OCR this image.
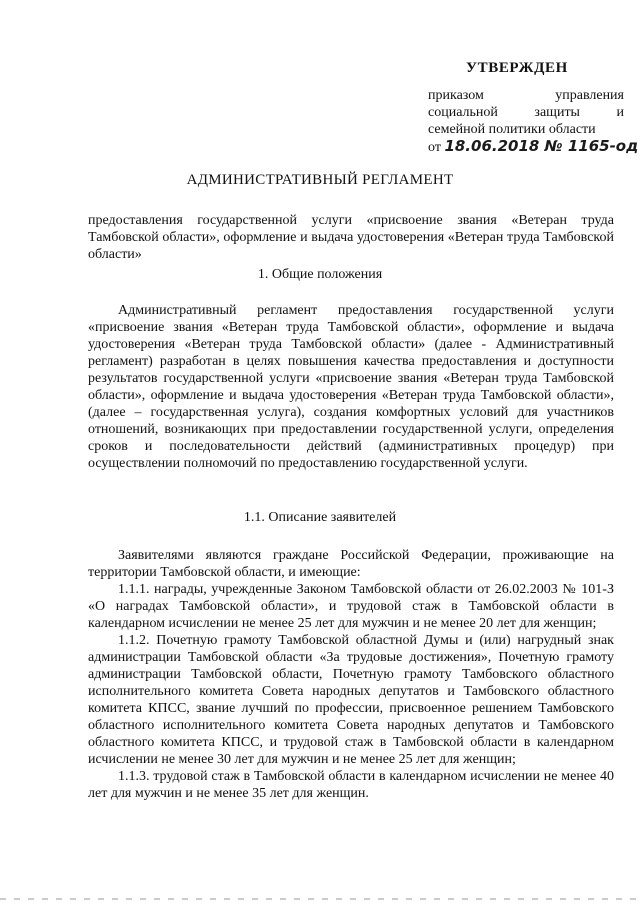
УТВЕРЖДЕН
приказом управления
социальной защиты и
семейной политики области
от 18.06.2018 № 1165-од
АДМИНИСТРАТИВНЫЙ РЕГЛАМЕНТ

предоставления государственной услуги «присвоение звания «Ветеран труда Тамбовской области», оформление и выдача удостоверения «Ветеран труда Тамбовской области»

1. Общие положения

Административный регламент предоставления государственной услуги «присвоение звания «Ветеран труда Тамбовской области», оформление и выдача удостоверения «Ветеран труда Тамбовской области» (далее - Административный регламент) разработан в целях повышения качества предоставления и доступности результатов государственной услуги «присвоение звания «Ветеран труда Тамбовской области», оформление и выдача удостоверения «Ветеран труда Тамбовской области», (далее – государственная услуга), создания комфортных условий для участников отношений, возникающих при предоставлении государственной услуги, определения сроков и последовательности действий (административных процедур) при осуществлении полномочий по предоставлению государственной услуги.

1.1. Описание заявителей

Заявителями являются граждане Российской Федерации, проживающие на территории Тамбовской области, и имеющие:

1.1.1. награды, учрежденные Законом Тамбовской области от 26.02.2003 № 101-З «О наградах Тамбовской области», и трудовой стаж в Тамбовской области в календарном исчислении не менее 25 лет для мужчин и не менее 20 лет для женщин;

1.1.2. Почетную грамоту Тамбовской областной Думы и (или) нагрудный знак администрации Тамбовской области «За трудовые достижения», Почетную грамоту администрации Тамбовской области, Почетную грамоту Тамбовского областного исполнительного комитета Совета народных депутатов и Тамбовского областного комитета КПСС, звание лучший по профессии, присвоенное решением Тамбовского областного исполнительного комитета Совета народных депутатов и Тамбовского областного комитета КПСС, и трудовой стаж в Тамбовской области в календарном исчислении не менее 30 лет для мужчин и не менее 25 лет для женщин;

1.1.3. трудовой стаж в Тамбовской области в календарном исчислении не менее 40 лет для мужчин и не менее 35 лет для женщин.
